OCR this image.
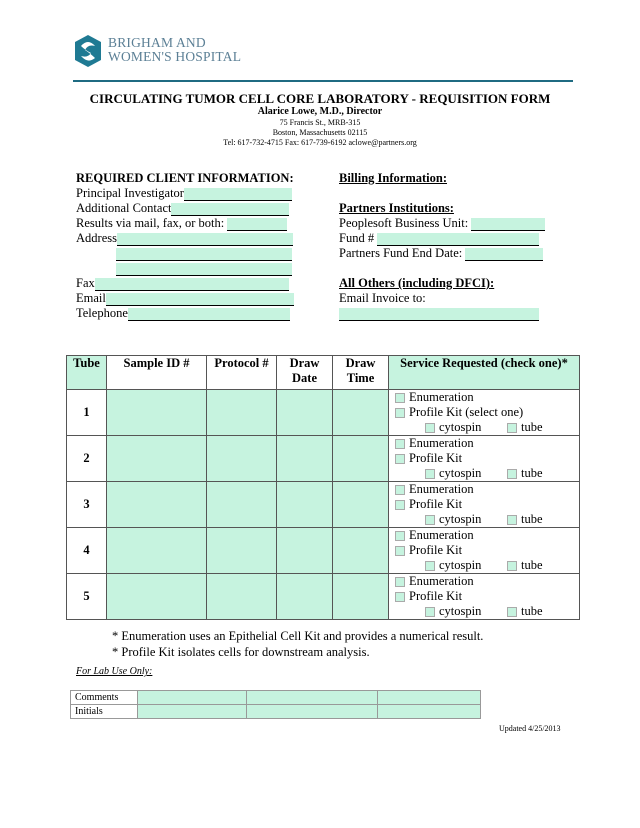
BRIGHAM AND
WOMEN'S HOSPITAL
CIRCULATING TUMOR CELL CORE LABORATORY - REQUISITION FORM
Alarice Lowe, M.D., Director
75 Francis St., MRB-315
Boston, Massachusetts 02115
Tel: 617-732-4715 Fax: 617-739-6192 aclowe@partners.org
REQUIRED CLIENT INFORMATION:
Principal Investigator
Additional Contact
Results via mail, fax, or both:
Address
Fax
Email
Telephone
Billing Information:
Partners Institutions:
Peoplesoft Business Unit:
Fund #
Partners Fund End Date:
All Others (including DFCI):
Email Invoice to:
Tube	Sample ID #	Protocol #	Draw Date	Draw Time	Service Requested (check one)*
1					Enumeration
Profile Kit (select one)
cytospin tube

2					Enumeration
Profile Kit
cytospin tube

3					Enumeration
Profile Kit
cytospin tube

4					Enumeration
Profile Kit
cytospin tube

5					Enumeration
Profile Kit
cytospin tube
* Enumeration uses an Epithelial Cell Kit and provides a numerical result.
* Profile Kit isolates cells for downstream analysis.
For Lab Use Only:
Comments			
Initials			
Updated 4/25/2013
